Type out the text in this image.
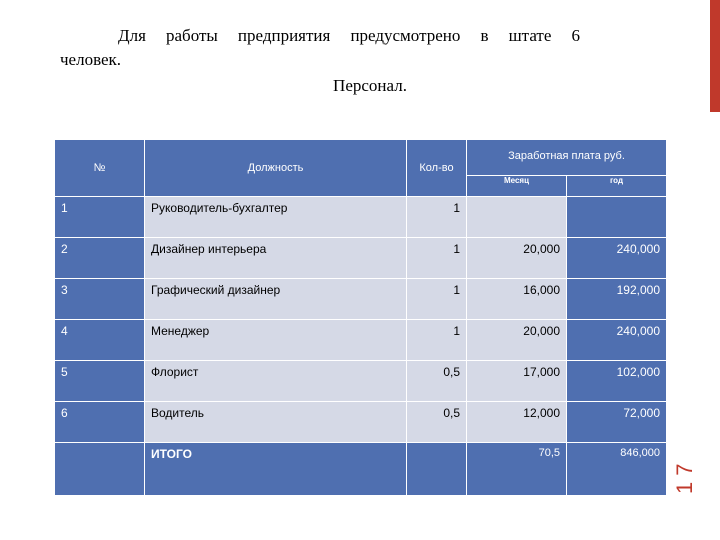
Для работы предприятия предусмотрено в штате 6 человек.

Персонал.
№	Должность	Кол-во	Заработная плата руб.	
			Месяц	год
1	Руководитель-бухгалтер	1		
2	Дизайнер интерьера	1	20,000	240,000
3	Графический дизайнер	1	16,000	192,000
4	Менеджер	1	20,000	240,000
5	Флорист	0,5	17,000	102,000
6	Водитель	0,5	12,000	72,000
	ИТОГО		70,5	846,000
17
